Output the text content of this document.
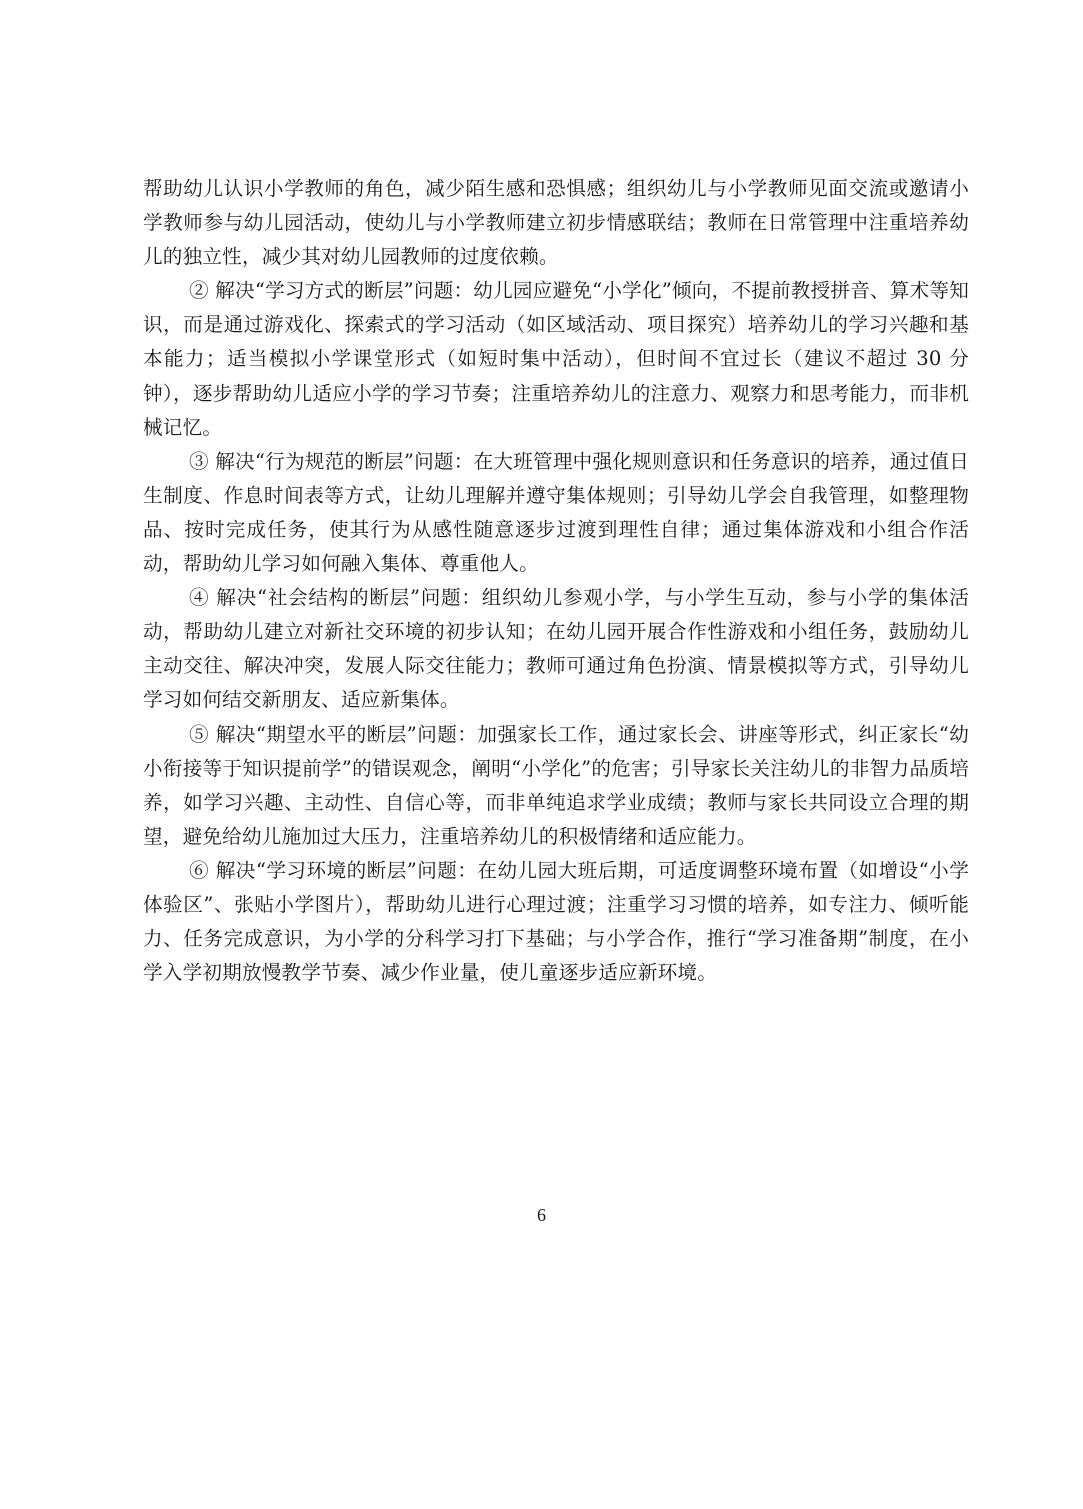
帮助幼儿认识小学教师的角色，减少陌生感和恐惧感；组织幼儿与小学教师见面交流或邀请小学教师参与幼儿园活动，使幼儿与小学教师建立初步情感联结；教师在日常管理中注重培养幼儿的独立性，减少其对幼儿园教师的过度依赖。

② 解决“学习方式的断层”问题：幼儿园应避免“小学化”倾向，不提前教授拼音、算术等知识，而是通过游戏化、探索式的学习活动（如区域活动、项目探究）培养幼儿的学习兴趣和基本能力；适当模拟小学课堂形式（如短时集中活动），但时间不宜过长（建议不超过 30 分钟），逐步帮助幼儿适应小学的学习节奏；注重培养幼儿的注意力、观察力和思考能力，而非机械记忆。

③ 解决“行为规范的断层”问题：在大班管理中强化规则意识和任务意识的培养，通过值日生制度、作息时间表等方式，让幼儿理解并遵守集体规则；引导幼儿学会自我管理，如整理物品、按时完成任务，使其行为从感性随意逐步过渡到理性自律；通过集体游戏和小组合作活动，帮助幼儿学习如何融入集体、尊重他人。

④ 解决“社会结构的断层”问题：组织幼儿参观小学，与小学生互动，参与小学的集体活动，帮助幼儿建立对新社交环境的初步认知；在幼儿园开展合作性游戏和小组任务，鼓励幼儿主动交往、解决冲突，发展人际交往能力；教师可通过角色扮演、情景模拟等方式，引导幼儿学习如何结交新朋友、适应新集体。

⑤ 解决“期望水平的断层”问题：加强家长工作，通过家长会、讲座等形式，纠正家长“幼小衔接等于知识提前学”的错误观念，阐明“小学化”的危害；引导家长关注幼儿的非智力品质培养，如学习兴趣、主动性、自信心等，而非单纯追求学业成绩；教师与家长共同设立合理的期望，避免给幼儿施加过大压力，注重培养幼儿的积极情绪和适应能力。

⑥ 解决“学习环境的断层”问题：在幼儿园大班后期，可适度调整环境布置（如增设“小学体验区”、张贴小学图片），帮助幼儿进行心理过渡；注重学习习惯的培养，如专注力、倾听能力、任务完成意识，为小学的分科学习打下基础；与小学合作，推行“学习准备期”制度，在小学入学初期放慢教学节奏、减少作业量，使儿童逐步适应新环境。

6
